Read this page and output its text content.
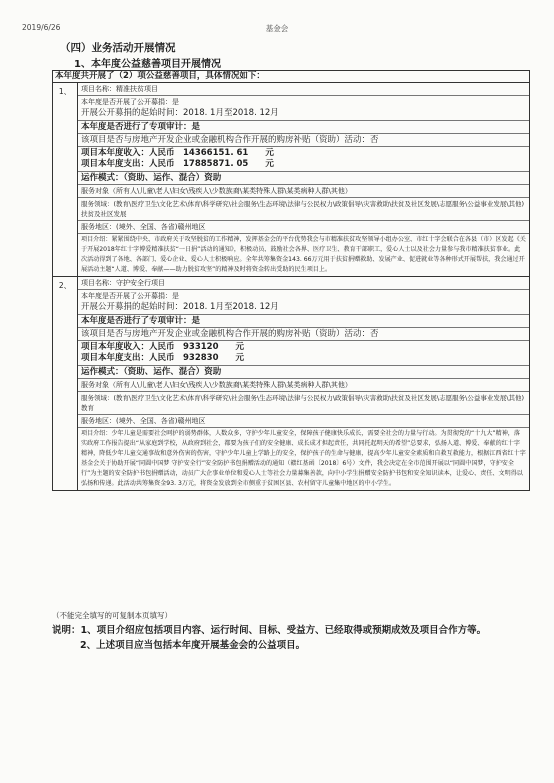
2019/6/26	基金会
（四）业务活动开展情况
1、本年度公益慈善项目开展情况
本年度共开展了（2）项公益慈善项目，具体情况如下：
1、	项目名称：精准扶贫项目
本年度是否开展了公开募捐：是
开展公开募捐的起始时间：2018. 1月至2018. 12月
本年度是否进行了专项审计：是
该项目是否与房地产开发企业或金融机构合作开展的购房补贴（资助）活动：否
项目本年度收入：人民币　14366151. 61　　元
项目本年度支出：人民币　17885871. 05　　元
运作模式：（资助、运作、混合）资助
服务对象（所有人\儿童\老人\妇女\残疾人\少数族裔\某类特殊人群\某类病种人群\其他）
服务领域：(教育\医疗卫生\文化艺术\体育\科学研究\社会服务\生态环境\法律与公民权力\政策倡导\灾害救助\扶贫及社区发展\志愿服务\公益事业发展\其他)扶贫及社区发展
服务地区：(境外、全国、各省)赣州地区
项目介绍：紧紧围绕中央、市政府关于攻坚脱贫的工作精神，发挥基金会的平台优势我会与市精准扶贫攻坚领导小组办公室、市红十字会联合在各县（市）区发起《关于开展2018年红十字博爱精准扶贫“一日捐”活动的通知》，积极动员、鼓励社会各界、医疗卫生、教育干部职工，爱心人士以及社会力量参与我市精准扶贫事业。此次活动得到了各地、各部门、爱心企业、爱心人士积极响应。全年共筹集资金143. 66万元用于扶贫捐赠救助、发展产业、促进就业等各种形式开展帮扶，我会通过开展活动主题“人道、博爱、奉献——助力脱贫攻坚”的精神及时将资金转出受助的民生项目上。
2、	项目名称：守护安全行项目
本年度是否开展了公开募捐：是
开展公开募捐的起始时间：2018. 1月至2018. 12月
本年度是否进行了专项审计：是
该项目是否与房地产开发企业或金融机构合作开展的购房补贴（资助）活动：否
项目本年度收入：人民币　933120　　元
项目本年度支出：人民币　932830　　元
运作模式：（资助、运作、混合）资助
服务对象（所有人\儿童\老人\妇女\残疾人\少数族裔\某类特殊人群\某类病种人群\其他）
服务领域：(教育\医疗卫生\文化艺术\体育\科学研究\社会服务\生态环境\法律与公民权力\政策倡导\灾害救助\扶贫及社区发展\志愿服务\公益事业发展\其他)教育
服务地区：(境外、全国、各省)赣州地区
项目介绍：少年儿童是需要社会呵护的弱势群体，人数众多，守护少年儿童安全，保障孩子健康快乐成长，需要全社会的力量与行动。为贯彻党的“十九大”精神，落实政府工作报告提出“从家庭到学校，从政府到社会，都要为孩子们的安全健康、成长成才担起责任，共同托起明天的希望”总要求，弘扬人道、博爱、奉献的红十字精神，降低少年儿童交通事故和意外伤害的伤害，守护少年儿童上学路上的安全，保护孩子的生命与健康，提高少年儿童安全素质和自救互救能力，根据江西省红十字基金会关于协助开展“同圆中国梦 守护安全行”安全防护书包捐赠活动的通知（赣红基函〔2018〕6号）文件，我会决定在全市范围开展以“同圆中国梦，守护安全行”为主题的安全防护书包捐赠活动，动员广大企事业单位和爱心人士等社会力量募集善款，向中小学生捐赠安全防护书包和安全知识读本，让爱心、责任、文明得以弘扬和传递。此活动共筹集资金93. 3万元，将资金发放到全市侧重于贫困区县、农村留守儿童集中地区的中小学生。
（不能完全填写的可复制本页填写）
说明：1、项目介绍应包括项目内容、运行时间、目标、受益方、已经取得或预期成效及项目合作方等。
2、上述项目应当包括本年度开展基金会的公益项目。
